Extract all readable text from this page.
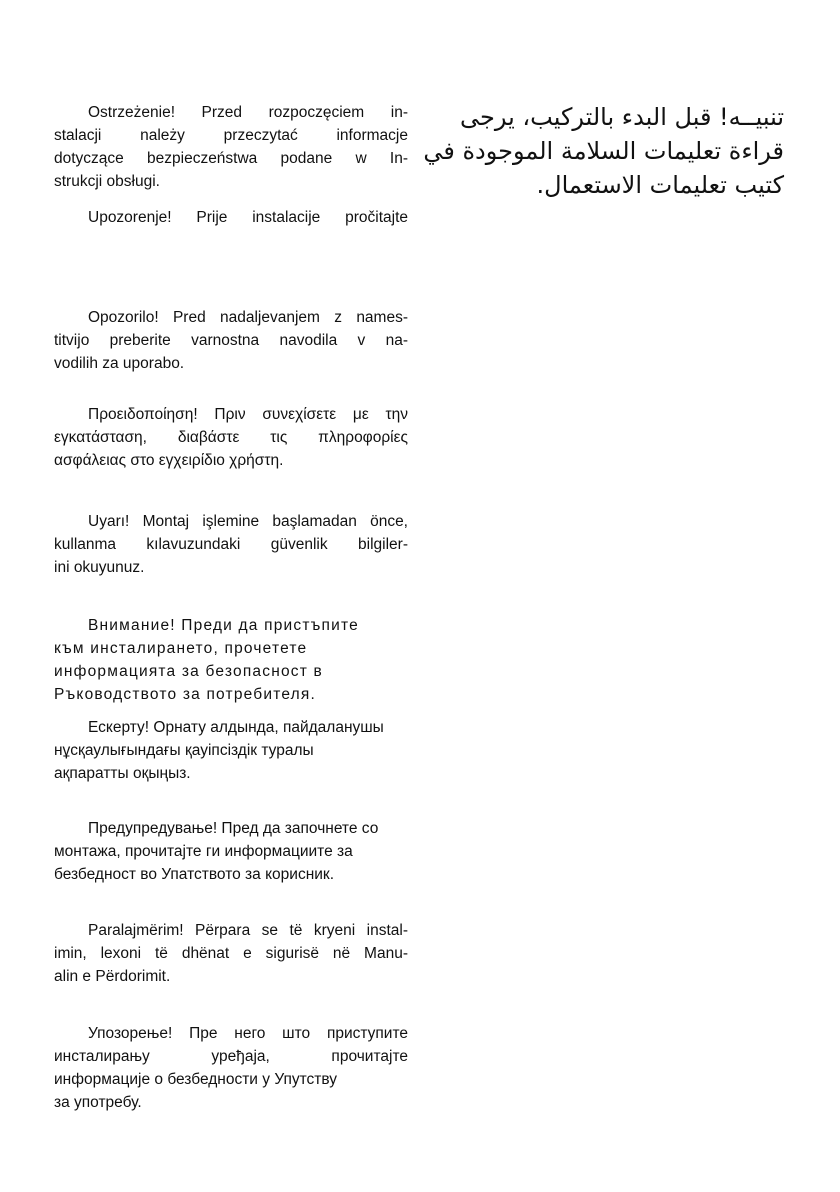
Ostrzeżenie! Przed rozpoczęciem in-
stalacji należy przeczytać informacje
dotyczące bezpieczeństwa podane w In-
strukcji obsługi.
Upozorenje! Prije instalacije pročitajte
Opozorilo! Pred nadaljevanjem z names-
titvijo preberite varnostna navodila v na-
vodilih za uporabo.
Προειδοποίηση! Πριν συνεχίσετε με την
εγκατάσταση, διαβάστε τις πληροφορίες
ασφάλειας στο εγχειρίδιο χρήστη.
Uyarı! Montaj işlemine başlamadan önce,
kullanma kılavuzundaki güvenlik bilgiler-
ini okuyunuz.
Внимание! Преди да пристъпите
към инсталирането, прочетете
информацията за безопасност в
Ръководството за потребителя.
Ескерту! Орнату алдында, пайдаланушы
нұсқаулығындағы қауіпсіздік туралы
ақпаратты оқыңыз.
Предупредување! Пред да започнете со
монтажа, прочитајте ги информациите за
безбедност во Упатството за корисник.
Paralajmërim! Përpara se të kryeni instal-
imin, lexoni të dhënat e sigurisë në Manu-
alin e Përdorimit.
Упозорење! Пре него што приступите
инсталирању уређаја, прочитајте
информације о безбедности у Упутству
за употребу.
تنبيــه! قبل البدء بالتركيب، يرجى
قراءة تعليمات السلامة الموجودة في
كتيب تعليمات الاستعمال.
